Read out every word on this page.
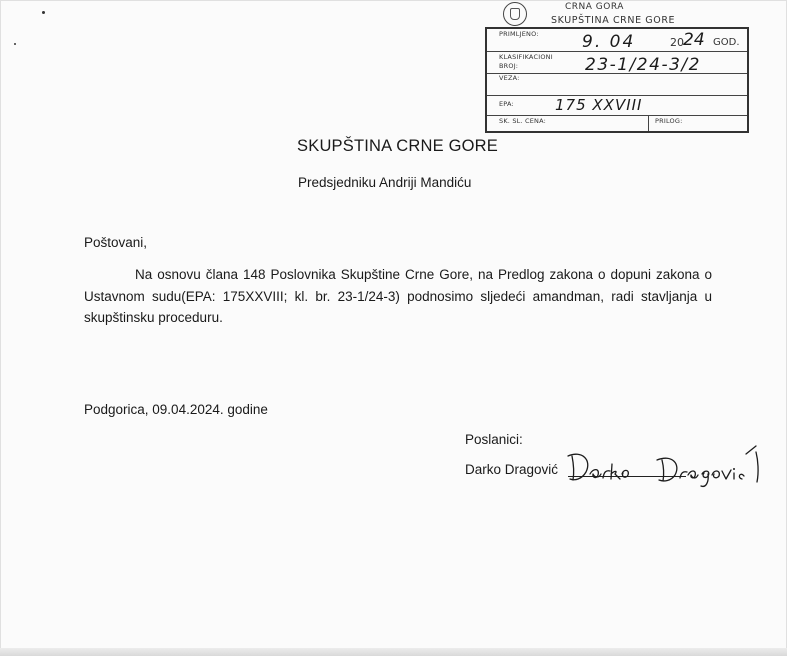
CRNA GORA
SKUPŠTINA CRNE GORE
PRIMLJENO:	9. 04	20 24 GOD.
KLASIFIKACIONI
BROJ:	23-1/24-3/2
VEZA:
EPA:	175 XXVIII
SK. SL. CENA:	PRILOG:
SKUPŠTINA CRNE GORE
Predsjedniku Andriji Mandiću
Poštovani,
Na osnovu člana 148 Poslovnika Skupštine Crne Gore, na Predlog zakona o dopuni zakona o Ustavnom sudu(EPA: 175XXVIII; kl. br. 23-1/24-3) podnosimo sljedeći amandman, radi stavljanja u skupštinsku proceduru.
Podgorica, 09.04.2024. godine
Poslanici:
Darko Dragović
